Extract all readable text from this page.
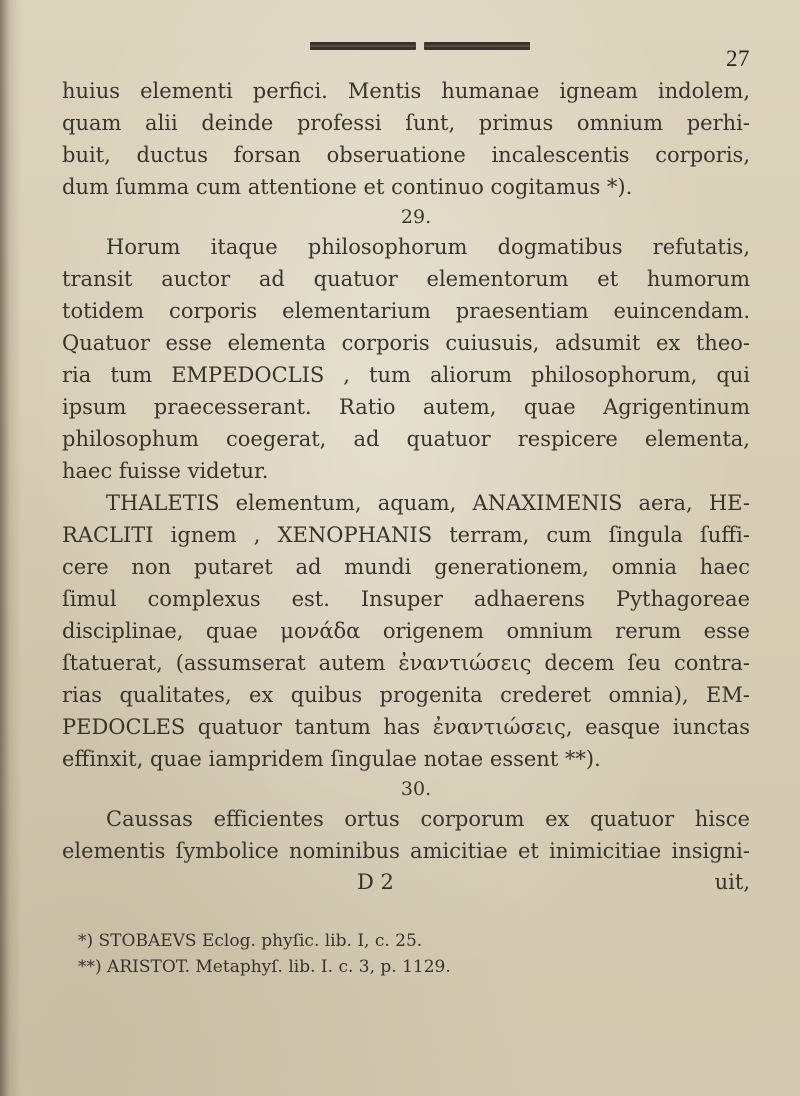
27
huius elementi perfici. Mentis humanae igneam indolem,
quam alii deinde professi ſunt, primus omnium perhi-
buit, ductus forsan obseruatione incalescentis corporis,
dum ſumma cum attentione et continuo cogitamus *).
29.
Horum itaque philosophorum dogmatibus refutatis,
transit auctor ad quatuor elementorum et humorum
totidem corporis elementarium praesentiam euincendam.
Quatuor esse elementa corporis cuiusuis, adsumit ex theo-
ria tum EMPEDOCLIS , tum aliorum philosophorum, qui
ipsum praecesserant. Ratio autem, quae Agrigentinum
philosophum coegerat, ad quatuor respicere elementa,
haec fuisse videtur.
THALETIS elementum, aquam, ANAXIMENIS aera, HE-
RACLITI ignem , XENOPHANIS terram, cum ſingula ſuffi-
cere non putaret ad mundi generationem, omnia haec
ſimul complexus est. Insuper adhaerens Pythagoreae
disciplinae, quae μονάδα origenem omnium rerum esse
ſtatuerat, (assumserat autem ἐναντιώσεις decem ſeu contra-
rias qualitates, ex quibus progenita crederet omnia), EM-
PEDOCLES quatuor tantum has ἐναντιώσεις, easque iunctas
effinxit, quae iampridem ſingulae notae essent **).
30.
Caussas efficientes ortus corporum ex quatuor hisce
elementis ſymbolice nominibus amicitiae et inimicitiae insigni-
D 2	uit,
*) STOBAEVS Eclog. phyſic. lib. I, c. 25.
**) ARISTOT. Metaphyſ. lib. I. c. 3, p. 1129.
